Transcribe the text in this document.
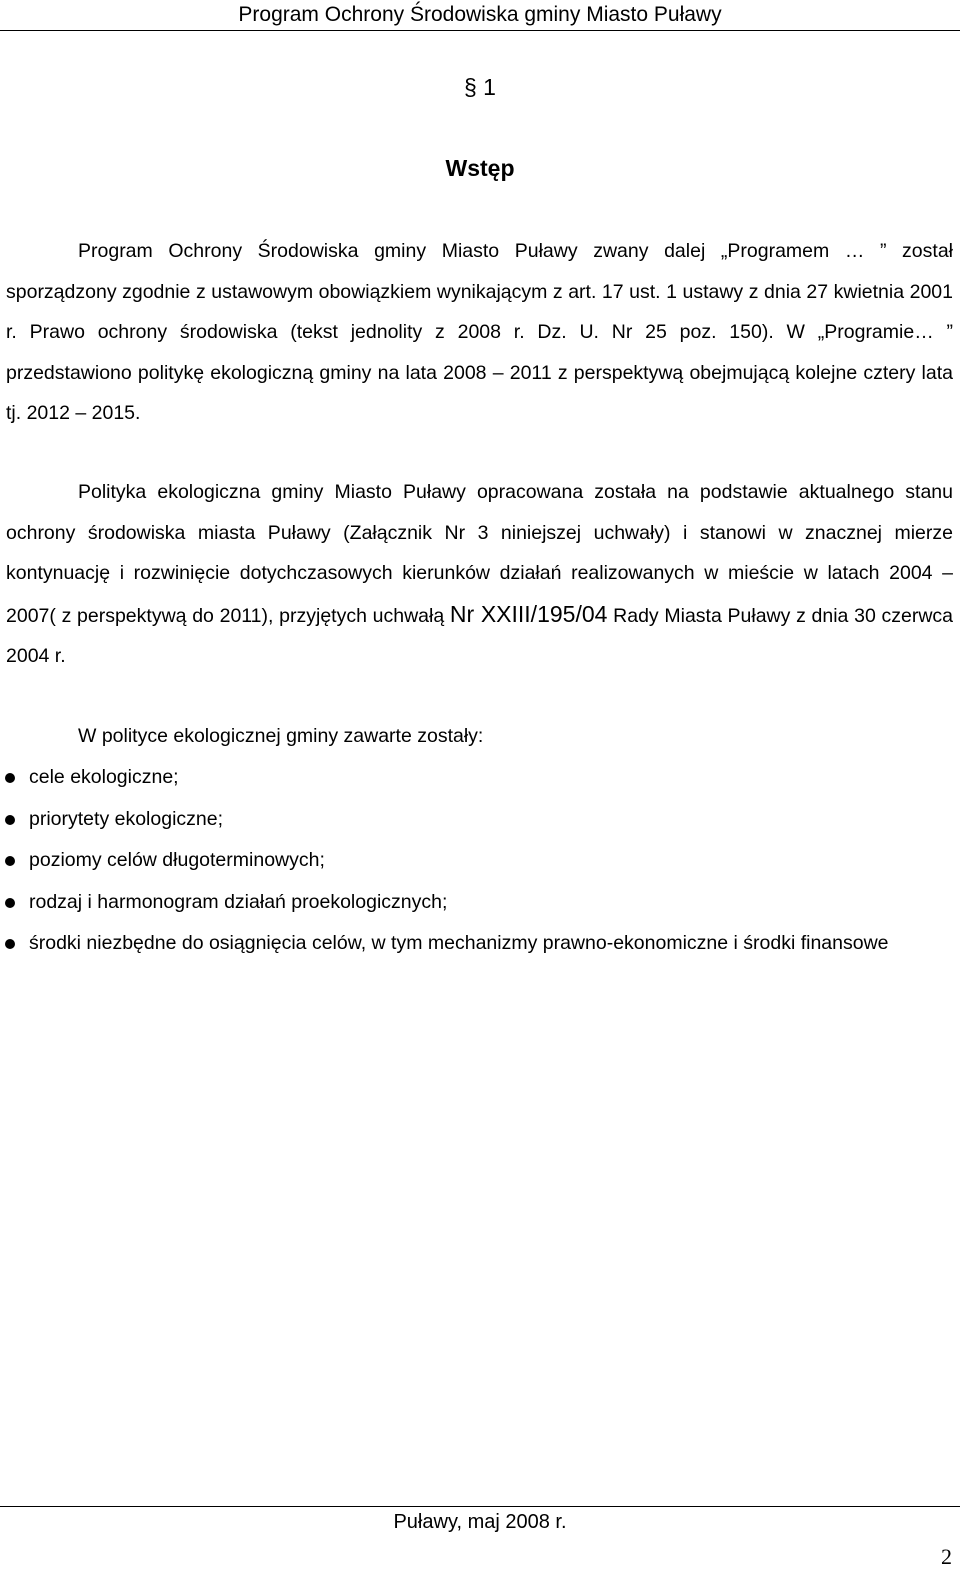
Program Ochrony Środowiska gminy Miasto Puławy
§ 1
Wstęp

Program Ochrony Środowiska gminy Miasto Puławy zwany dalej „Programem … ” został sporządzony zgodnie z ustawowym obowiązkiem wynikającym z art. 17 ust. 1 ustawy z dnia 27 kwietnia 2001 r. Prawo ochrony środowiska (tekst jednolity z 2008 r. Dz. U. Nr 25 poz. 150). W „Programie… ” przedstawiono politykę ekologiczną gminy na lata 2008 – 2011 z perspektywą obejmującą kolejne cztery lata tj. 2012 – 2015.

Polityka ekologiczna gminy Miasto Puławy opracowana została na podstawie aktualnego stanu ochrony środowiska miasta Puławy (Załącznik Nr 3 niniejszej uchwały) i stanowi w znacznej mierze kontynuację i rozwinięcie dotychczasowych kierunków działań realizowanych w mieście w latach 2004 – 2007( z perspektywą do 2011), przyjętych uchwałą Nr XXIII/195/04 Rady Miasta Puławy z dnia 30 czerwca 2004 r.

W polityce ekologicznej gminy zawarte zostały:
cele ekologiczne;
priorytety ekologiczne;
poziomy celów długoterminowych;
rodzaj i harmonogram działań proekologicznych;
środki niezbędne do osiągnięcia celów, w tym mechanizmy prawno-ekonomiczne i środki finansowe
Puławy, maj 2008 r.
2
